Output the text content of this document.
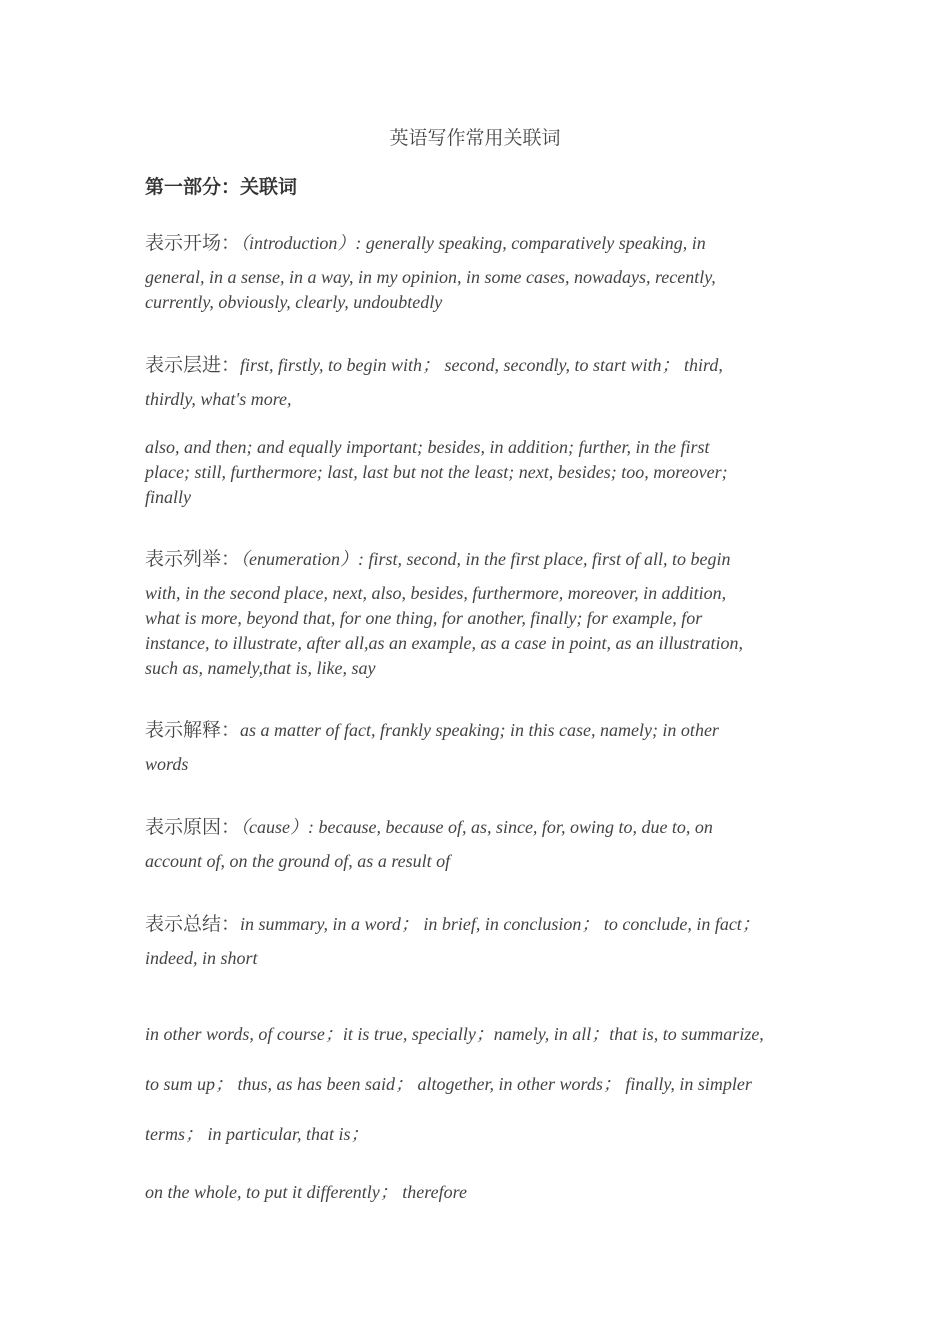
英语写作常用关联词
第一部分：关联词
表示开场：（introduction）: generally speaking, comparatively speaking, in
general, in a sense, in a way, in my opinion, in some cases, nowadays, recently,
currently, obviously, clearly, undoubtedly
表示层进：first, firstly, to begin with； second, secondly, to start with； third,
thirdly, what's more,
also, and then; and equally important; besides, in addition; further, in the first
place; still, furthermore; last, last but not the least; next, besides; too, moreover;
finally
表示列举：（enumeration）: first, second, in the first place, first of all, to begin
with, in the second place, next, also, besides, furthermore, moreover, in addition,
what is more, beyond that, for one thing, for another, finally; for example, for
instance, to illustrate, after all,as an example, as a case in point, as an illustration,
such as, namely,that is, like, say
表示解释：as a matter of fact, frankly speaking; in this case, namely; in other
words
表示原因：（cause）: because, because of, as, since, for, owing to, due to, on
account of, on the ground of, as a result of
表示总结：in summary, in a word； in brief, in conclusion； to conclude, in fact；
indeed, in short
in other words, of course；it is true, specially；namely, in all；that is, to summarize,
to sum up； thus, as has been said； altogether, in other words； finally, in simpler
terms； in particular, that is；
on the whole, to put it differently； therefore
